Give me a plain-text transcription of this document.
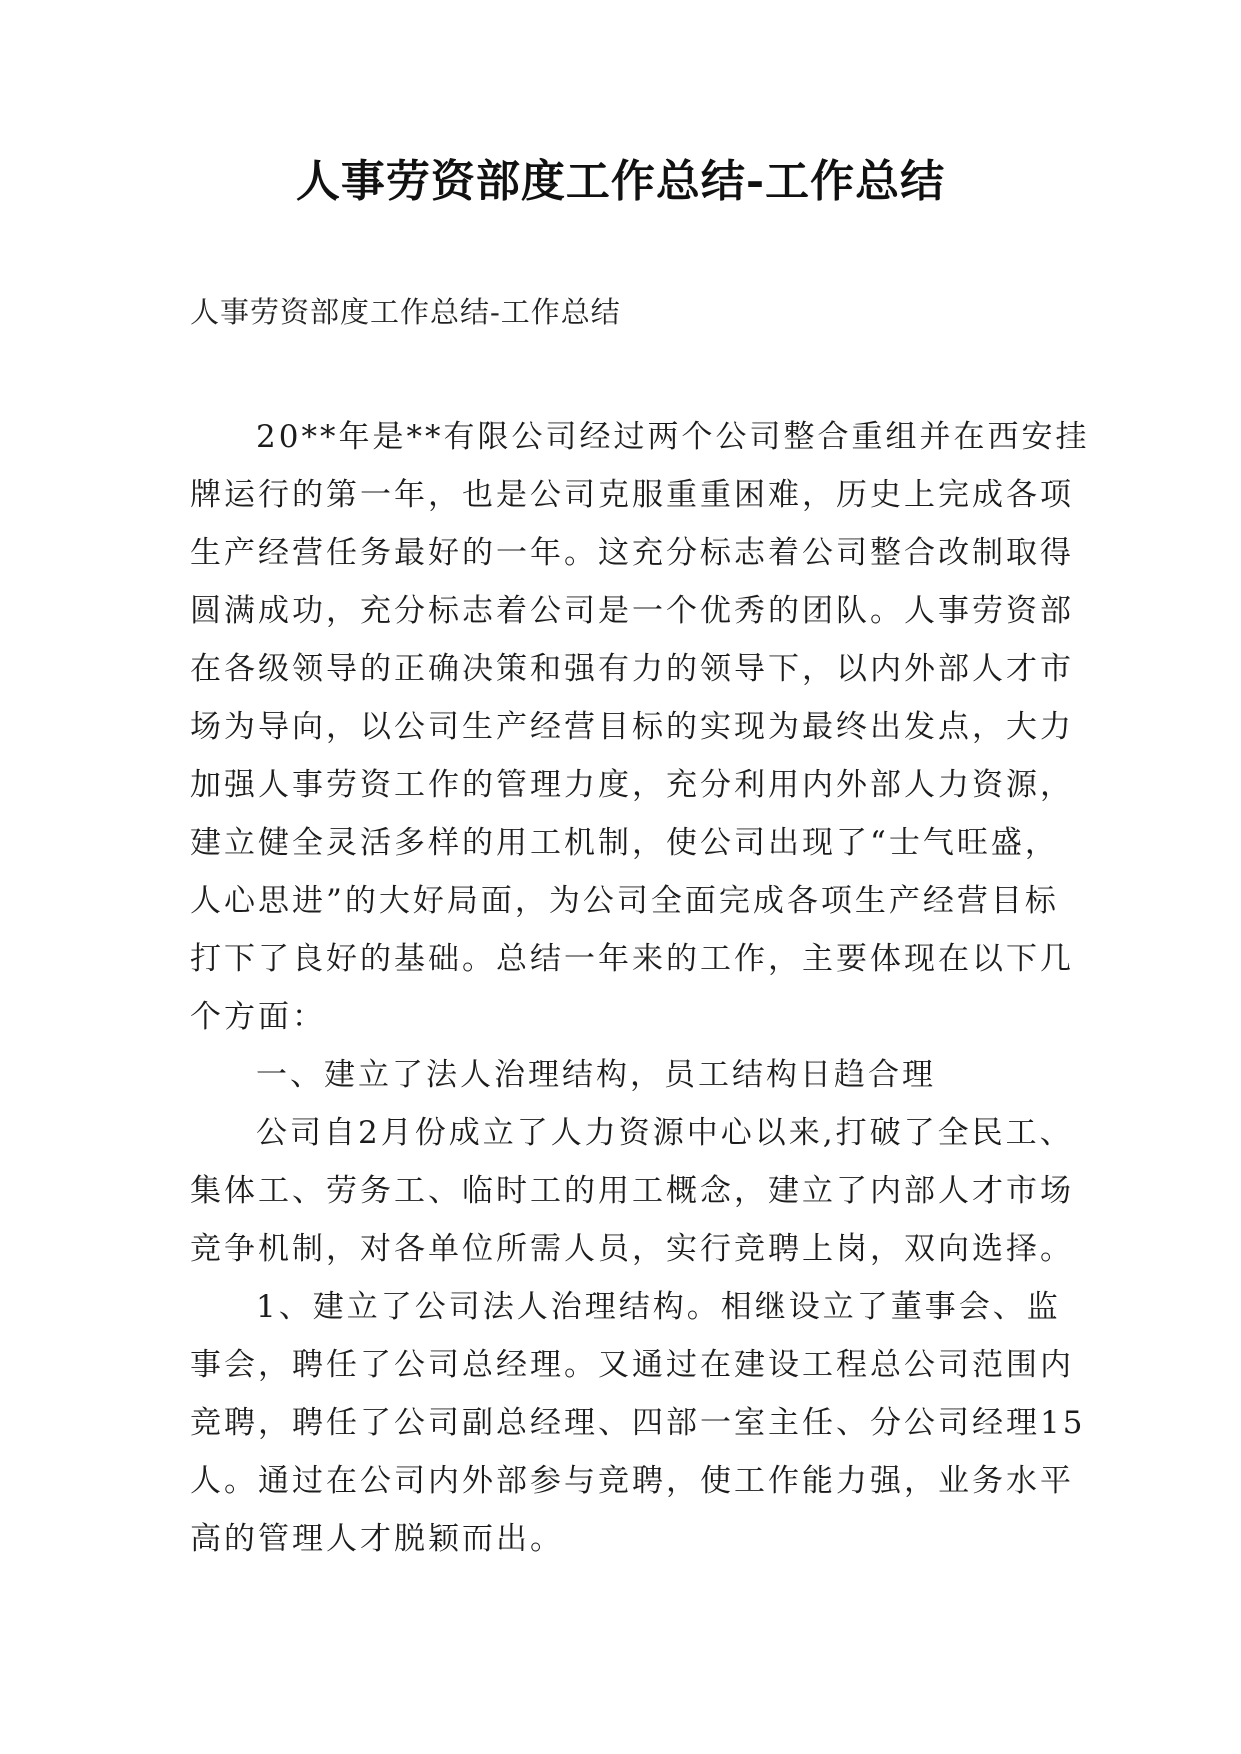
人事劳资部度工作总结-工作总结
人事劳资部度工作总结-工作总结
20**年是**有限公司经过两个公司整合重组并在西安挂
牌运行的第一年，也是公司克服重重困难，历史上完成各项
生产经营任务最好的一年。这充分标志着公司整合改制取得
圆满成功，充分标志着公司是一个优秀的团队。人事劳资部
在各级领导的正确决策和强有力的领导下，以内外部人才市
场为导向，以公司生产经营目标的实现为最终出发点，大力
加强人事劳资工作的管理力度，充分利用内外部人力资源，
建立健全灵活多样的用工机制，使公司出现了“士气旺盛，
人心思进”的大好局面，为公司全面完成各项生产经营目标
打下了良好的基础。总结一年来的工作，主要体现在以下几
个方面：
一、建立了法人治理结构，员工结构日趋合理
公司自2月份成立了人力资源中心以来,打破了全民工、
集体工、劳务工、临时工的用工概念，建立了内部人才市场
竞争机制，对各单位所需人员，实行竞聘上岗，双向选择。
1、建立了公司法人治理结构。相继设立了董事会、监
事会，聘任了公司总经理。又通过在建设工程总公司范围内
竞聘，聘任了公司副总经理、四部一室主任、分公司经理15
人。通过在公司内外部参与竞聘，使工作能力强，业务水平
高的管理人才脱颖而出。
